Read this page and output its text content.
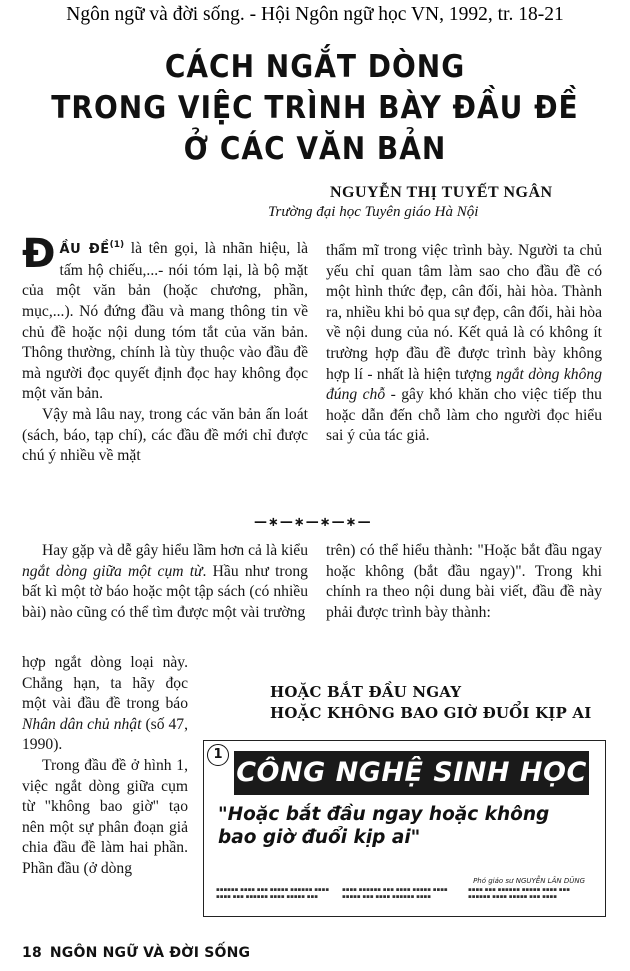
Ngôn ngữ và đời sống. - Hội Ngôn ngữ học VN, 1992, tr. 18-21
CÁCH NGẮT DÒNG
TRONG VIỆC TRÌNH BÀY ĐẦU ĐỀ
Ở CÁC VĂN BẢN
NGUYỄN THỊ TUYẾT NGÂN
Trường đại học Tuyên giáo Hà Nội

ĐẦU ĐỀ$^{(1)}$ là tên gọi, là nhãn hiệu, là tấm hộ chiếu,...- nói tóm lại, là bộ mặt của một văn bản (hoặc chương, phần, mục,...). Nó đứng đầu và mang thông tin về chủ đề hoặc nội dung tóm tắt của văn bản. Thông thường, chính là tùy thuộc vào đầu đề mà người đọc quyết định đọc hay không đọc một văn bản.

Vậy mà lâu nay, trong các văn bản ấn loát (sách, báo, tạp chí), các đầu đề mới chỉ được chú ý nhiều về mặt

thẩm mĩ trong việc trình bày. Người ta chủ yếu chỉ quan tâm làm sao cho đầu đề có một hình thức đẹp, cân đối, hài hòa. Thành ra, nhiều khi bỏ qua sự đẹp, cân đối, hài hòa về nội dung của nó. Kết quả là có không ít trường hợp đầu đề được trình bày không hợp lí - nhất là hiện tượng ngắt dòng không đúng chỗ - gây khó khăn cho việc tiếp thu hoặc dẫn đến chỗ làm cho người đọc hiểu sai ý của tác giả.

—∗—∗—∗—∗—

Hay gặp và dễ gây hiểu lầm hơn cả là kiểu ngắt dòng giữa một cụm từ. Hầu như trong bất kì một tờ báo hoặc một tập sách (có nhiều bài) nào cũng có thể tìm được một vài trường

hợp ngắt dòng loại này. Chẳng hạn, ta hãy đọc một vài đầu đề trong báo Nhân dân chủ nhật (số 47, 1990).

Trong đầu đề ở hình 1, việc ngắt dòng giữa cụm từ "không bao giờ" tạo nên một sự phân đoạn giả chia đầu đề làm hai phần. Phần đầu (ở dòng

trên) có thể hiểu thành: "Hoặc bắt đầu ngay hoặc không (bắt đầu ngay)". Trong khi chính ra theo nội dung bài viết, đầu đề này phải được trình bày thành:

HOẶC BẮT ĐẦU NGAY
HOẶC KHÔNG BAO GIỜ ĐUỔI KỊP AI
1
CÔNG NGHỆ SINH HỌC
"Hoặc bắt đầu ngay hoặc không
bao giờ đuổi kịp ai"
Phó giáo sư NGUYỄN LÂN DŨNG
▪▪▪▪▪▪ ▪▪▪▪ ▪▪▪ ▪▪▪▪▪ ▪▪▪▪▪▪ ▪▪▪▪
▪▪▪▪ ▪▪▪ ▪▪▪▪▪▪ ▪▪▪▪ ▪▪▪▪▪ ▪▪▪
▪▪▪▪ ▪▪▪▪▪▪ ▪▪▪ ▪▪▪▪ ▪▪▪▪▪ ▪▪▪▪
▪▪▪▪▪ ▪▪▪ ▪▪▪▪ ▪▪▪▪▪▪ ▪▪▪▪
▪▪▪▪ ▪▪▪ ▪▪▪▪▪▪ ▪▪▪▪▪ ▪▪▪▪ ▪▪▪
▪▪▪▪▪▪ ▪▪▪▪ ▪▪▪▪▪ ▪▪▪ ▪▪▪▪
18 NGÔN NGỮ VÀ ĐỜI SỐNG
